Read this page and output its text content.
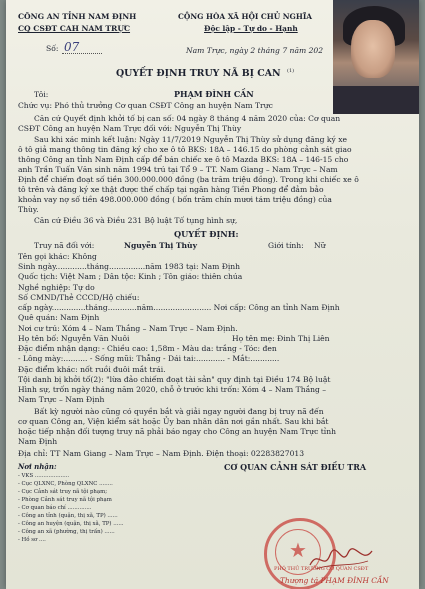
CÔNG AN TỈNH NAM ĐỊNH
CQ CSĐT CAH NAM TRỰC
Số: 07
CỘNG HÒA XÃ HỘI CHỦ NGHĨA
Độc lập - Tự do - Hạnh
Nam Trực, ngày 2 tháng 7 năm 202
QUYẾT ĐỊNH TRUY NÃ BỊ CAN (1)
Tôi:	PHẠM ĐÌNH CẦN
Chức vụ: Phó thủ trưởng Cơ quan CSĐT Công an huyện Nam Trực
Căn cứ Quyết định khởi tố bị can số: 04 ngày 8 tháng 4 năm 2020 của: Cơ quan
CSĐT Công an huyện Nam Trực đối với: Nguyễn Thị Thùy
Sau khi xác minh kết luận: Ngày 11/7/2019 Nguyễn Thị Thùy sử dụng đăng ký xe
ô tô giả mang thông tin đăng ký cho xe ô tô BKS: 18A – 146.15 do phòng cảnh sát giao
thông Công an tỉnh Nam Định cấp để bán chiếc xe ô tô Mazda BKS: 18A – 146-15 cho
anh Trần Tuấn Văn sinh năm 1994 trú tại Tổ 9 – TT. Nam Giang – Nam Trực – Nam
Định để chiếm đoạt số tiền 300.000.000 đồng (ba trăm triệu đồng). Trong khi chiếc xe ô
tô trên và đăng ký xe thật được thế chấp tại ngân hàng Tiền Phong để đảm bảo
khoản vay nợ số tiền 498.000.000 đồng ( bốn trăm chín mươi tám triệu đồng) của
Thùy.
Căn cứ Điều 36 và Điều 231 Bộ luật Tố tụng hình sự,
QUYẾT ĐỊNH:
Truy nã đối với:	Nguyễn Thị Thùy	Giới tính: Nữ
Tên gọi khác: Không
Sinh ngày.............tháng...............năm 1983 tại: Nam Định
Quốc tịch: Việt Nam ; Dân tộc: Kinh ; Tôn giáo: thiên chúa
Nghề nghiệp: Tự do
Số CMND/Thẻ CCCD/Hộ chiếu:
cấp ngày..............tháng............năm........................ Nơi cấp: Công an tỉnh Nam Định
Quê quán: Nam Định
Nơi cư trú: Xóm 4 – Nam Thắng – Nam Trực – Nam Định.
Họ tên bố: Nguyễn Văn Nuôi	Họ tên mẹ: Đinh Thị Liên
Đặc điểm nhận dạng: - Chiều cao: 1,58m - Màu da: trắng - Tóc: đen
- Lông mày:.......... - Sống mũi: Thẳng - Dái tai:............ - Mắt:............
Đặc điểm khác: nốt ruồi đuôi mắt trái.
Tội danh bị khởi tố(2): "lừa đảo chiếm đoạt tài sản" quy định tại Điều 174 Bộ luật
Hình sự, trốn ngày tháng năm 2020, chỗ ở trước khi trốn: Xóm 4 – Nam Thắng –
Nam Trực – Nam Định
Bất kỳ người nào cũng có quyền bắt và giải ngay người đang bị truy nã đến
cơ quan Công an, Viện kiểm sát hoặc Ủy ban nhân dân nơi gần nhất. Sau khi bắt
hoặc tiếp nhận đối tượng truy nã phải báo ngay cho Công an huyện Nam Trực tỉnh
Nam Định
Địa chỉ: TT Nam Giang – Nam Trực – Nam Định. Điện thoại: 02283827013
Nơi nhận:
- VKS ....................
- Cục QLXNC, Phòng QLXNC ........
- Cục Cảnh sát truy nã tội phạm;
- Phòng Cảnh sát truy nã tội phạm
- Cơ quan báo chí ..............
- Công an tỉnh (quận, thị xã, TP) ......
- Công an huyện (quận, thị xã, TP) ......
- Công an xã (phường, thị trấn) ......
- Hồ sơ ....
CƠ QUAN CẢNH SÁT ĐIỀU TRA
★
PHÓ THỦ TRƯỞNG CƠ QUAN CSĐT
Thượng tá PHẠM ĐÌNH CẦN
